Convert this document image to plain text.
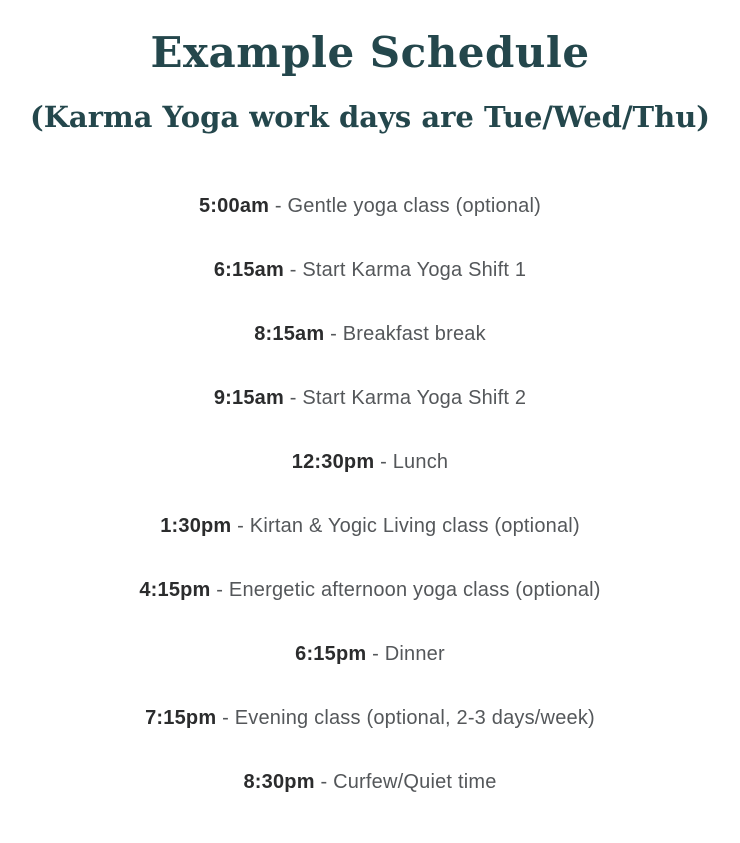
Example Schedule
(Karma Yoga work days are Tue/Wed/Thu)
5:00am - Gentle yoga class (optional)
6:15am - Start Karma Yoga Shift 1
8:15am - Breakfast break
9:15am - Start Karma Yoga Shift 2
12:30pm - Lunch
1:30pm - Kirtan & Yogic Living class (optional)
4:15pm - Energetic afternoon yoga class (optional)
6:15pm - Dinner
7:15pm - Evening class (optional, 2-3 days/week)
8:30pm - Curfew/Quiet time
